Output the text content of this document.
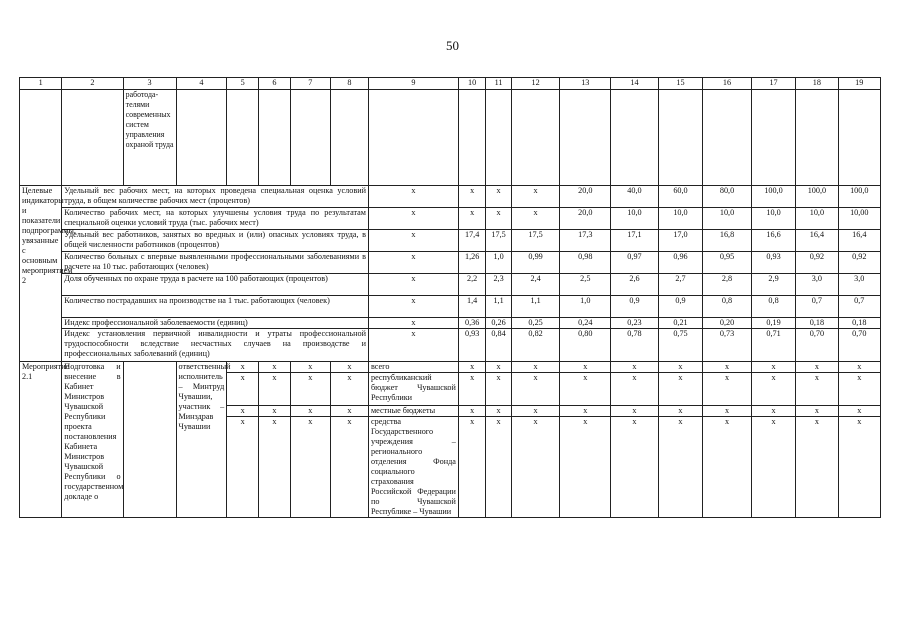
50
1	2	3	4	5	6	7	8	9	10	11	12	13	14	15	16	17	18	19
		работода-телями современных систем управления охраной труда																
Целевые индикаторы и показатели подпрограммы, увязанные с основным мероприятием 2	Удельный вес рабочих мест, на которых проведена специальная оценка условий труда, в общем количестве рабочих мест (процентов)							х	х	х	х	20,0	40,0	60,0	80,0	100,0	100,0	100,0
	Количество рабочих мест, на которых улучшены условия труда по результатам специальной оценки условий труда (тыс. рабочих мест)							х	х	х	х	20,0	10,0	10,0	10,0	10,0	10,0	10,00
	Удельный вес работников, занятых во вредных и (или) опасных условиях труда, в общей численности работников (процентов)							х	17,4	17,5	17,5	17,3	17,1	17,0	16,8	16,6	16,4	16,4
	Количество больных с впервые выявленными профессиональными заболеваниями в расчете на 10 тыс. работающих (человек)							х	1,26	1,0	0,99	0,98	0,97	0,96	0,95	0,93	0,92	0,92
	Доля обученных по охране труда в расчете на 100 работающих (процентов)							х	2,2	2,3	2,4	2,5	2,6	2,7	2,8	2,9	3,0	3,0
	Количество пострадавших на производстве на 1 тыс. работающих (человек)							х	1,4	1,1	1,1	1,0	0,9	0,9	0,8	0,8	0,7	0,7
	Индекс профессиональной заболеваемости (единиц)							х	0,36	0,26	0,25	0,24	0,23	0,21	0,20	0,19	0,18	0,18
	Индекс установления первичной инвалидности и утраты профессиональной трудоспособности вследствие несчастных случаев на производстве и профессиональных заболеваний (единиц)							х	0,93	0,84	0,82	0,80	0,78	0,75	0,73	0,71	0,70	0,70
Мероприятие 2.1	Подготовка и внесение в Кабинет Министров Чувашской Республики проекта постановления Кабинета Министров Чувашской Республики о государственном докладе о		ответственный исполнитель – Минтруд Чувашии, участник – Минздрав Чувашии	х	х	х	х	всего	х	х	х	х	х	х	х	х	х	х
				х	х	х	х	республиканский бюджет Чувашской Республики	х	х	х	х	х	х	х	х	х	х
				х	х	х	х	местные бюджеты	х	х	х	х	х	х	х	х	х	х
				х	х	х	х	средства Государственного учреждения – регионального отделения Фонда социального страхования Российской Федерации по Чувашской Республике – Чувашии	х	х	х	х	х	х	х	х	х	х
